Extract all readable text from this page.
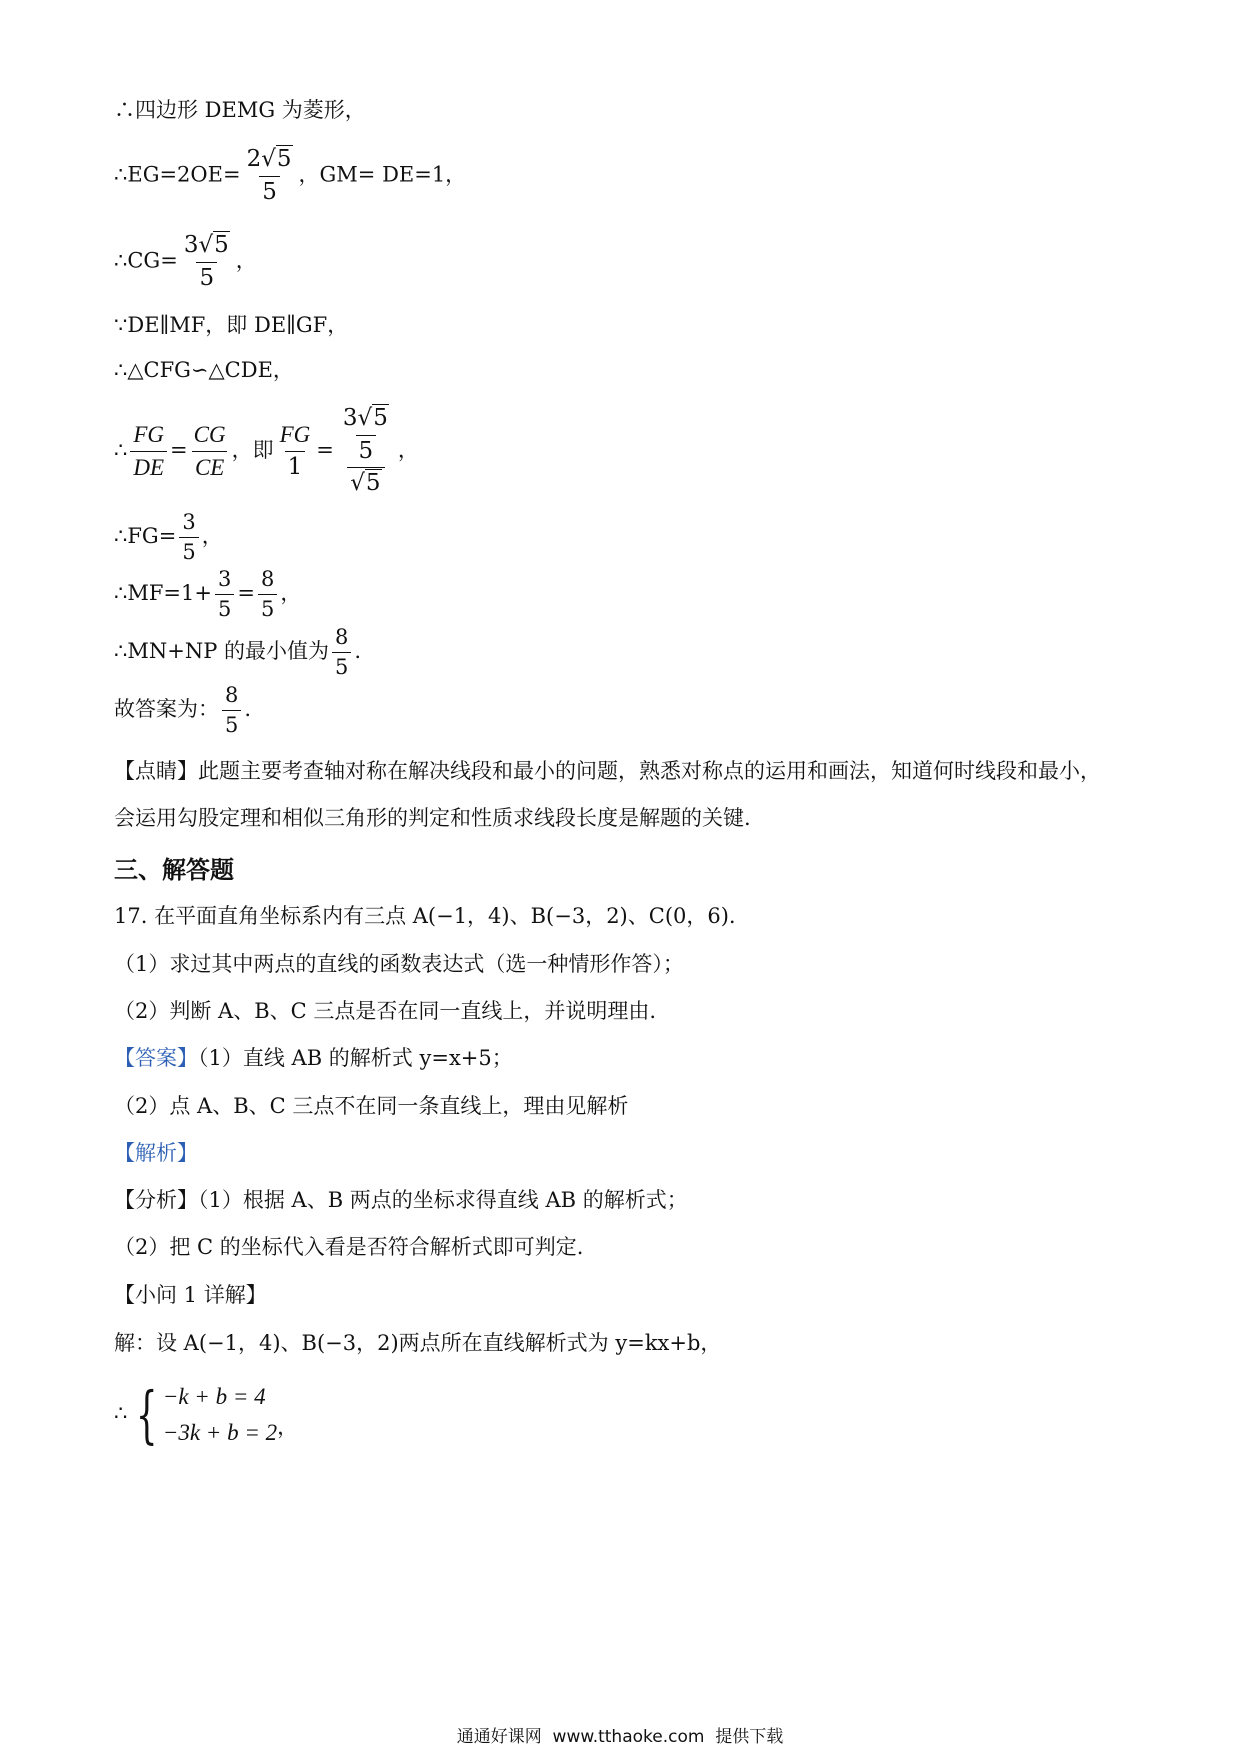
∴四边形 DEMG 为菱形，
∴EG=2OE= $\frac{2√5}{5}$ ，GM= DE=1，
∴CG= $\frac{3√5}{5}$ ，
∵DE∥MF，即 DE∥GF，
∴△CFG∽△CDE，
∴ $\frac{FG}{DE} = \frac{CG}{CE}$ ，即 $\frac{FG}{1} = \frac{\frac{3√5}{5}}{√5}$ ，
∴FG= $\frac{3}{5}$ ，
∴MF=1+ $\frac{3}{5} = \frac{8}{5}$ ，
∴MN+NP 的最小值为 $\frac{8}{5}$ .
故答案为： $\frac{8}{5}$ .
【点睛】此题主要考查轴对称在解决线段和最小的问题，熟悉对称点的运用和画法，知道何时线段和最小，
会运用勾股定理和相似三角形的判定和性质求线段长度是解题的关键.
三、解答题
17. 在平面直角坐标系内有三点 A(−1，4)、B(−3，2)、C(0，6).
（1）求过其中两点的直线的函数表达式（选一种情形作答）；
（2）判断 A、B、C 三点是否在同一直线上，并说明理由.
【答案】（1）直线 AB 的解析式 y=x+5；
（2）点 A、B、C 三点不在同一条直线上，理由见解析
【解析】
【分析】（1）根据 A、B 两点的坐标求得直线 AB 的解析式；
（2）把 C 的坐标代入看是否符合解析式即可判定.
【小问 1 详解】
解：设 A(−1，4)、B(−3，2)两点所在直线解析式为 y=kx+b，
∴ { −k + b = 4
−3k + b = 2 ，
通通好课网 www.tthaoke.com 提供下载
